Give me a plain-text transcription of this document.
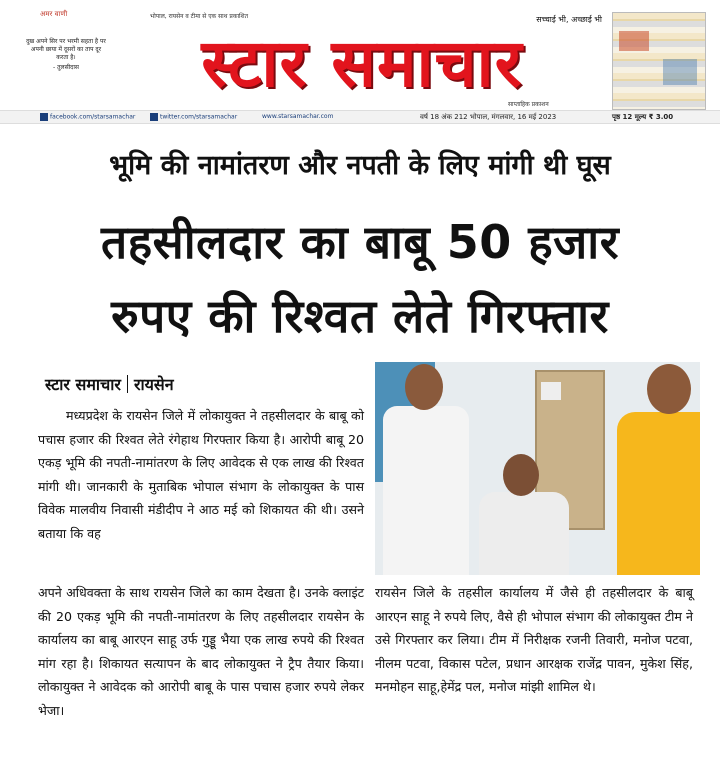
अमर वाणी	भोपाल, रायसेन व टीमा से एक साथ प्रकाशित	सच्चाई भी, अच्छाई भी
दुख अपने सिर पर भरमी सहता है पर अपनी छाया में दूसरों का ताप दूर करता है।
- तुलसीदास	स्टार समाचार
साप्ताहिक प्रकाशन
facebook.com/starsamachar	twitter.com/starsamachar	www.starsamachar.com	वर्ष 18 अंक 212 भोपाल, मंगलवार, 16 मई 2023	पृष्ठ 12 मूल्य ₹ 3.00
भूमि की नामांतरण और नपती के लिए मांगी थी घूस
तहसीलदार का बाबू 50 हजार
रुपए की रिश्वत लेते गिरफ्तार
स्टार समाचार रायसेन

मध्यप्रदेश के रायसेन जिले में लोकायुक्त ने तहसीलदार के बाबू को पचास हजार की रिश्वत लेते रंगेहाथ गिरफ्तार किया है। आरोपी बाबू 20 एकड़ भूमि की नपती-नामांतरण के लिए आवेदक से एक लाख की रिश्वत मांगी थी। जानकारी के मुताबिक भोपाल संभाग के लोकायुक्त के पास विवेक मालवीय निवासी मंडीदीप ने आठ मई को शिकायत की थी। उसने बताया कि वह

अपने अधिवक्ता के साथ रायसेन जिले का काम देखता है। उनके क्लाइंट की 20 एकड़ भूमि की नपती-नामांतरण के लिए तहसीलदार रायसेन के कार्यालय का बाबू आरएन साहू उर्फ गुड्डू भैया एक लाख रुपये की रिश्वत मांग रहा है। शिकायत सत्यापन के बाद लोकायुक्त ने ट्रैप तैयार किया। लोकायुक्त ने आवेदक को आरोपी बाबू के पास पचास हजार रुपये लेकर भेजा।

रायसेन जिले के तहसील कार्यालय में जैसे ही तहसीलदार के बाबू आरएन साहू ने रुपये लिए, वैसे ही भोपाल संभाग की लोकायुक्त टीम ने उसे गिरफ्तार कर लिया। टीम में निरीक्षक रजनी तिवारी, मनोज पटवा, नीलम पटवा, विकास पटेल, प्रधान आरक्षक राजेंद्र पावन, मुकेश सिंह, मनमोहन साहू,हेमेंद्र पल, मनोज मांझी शामिल थे।
